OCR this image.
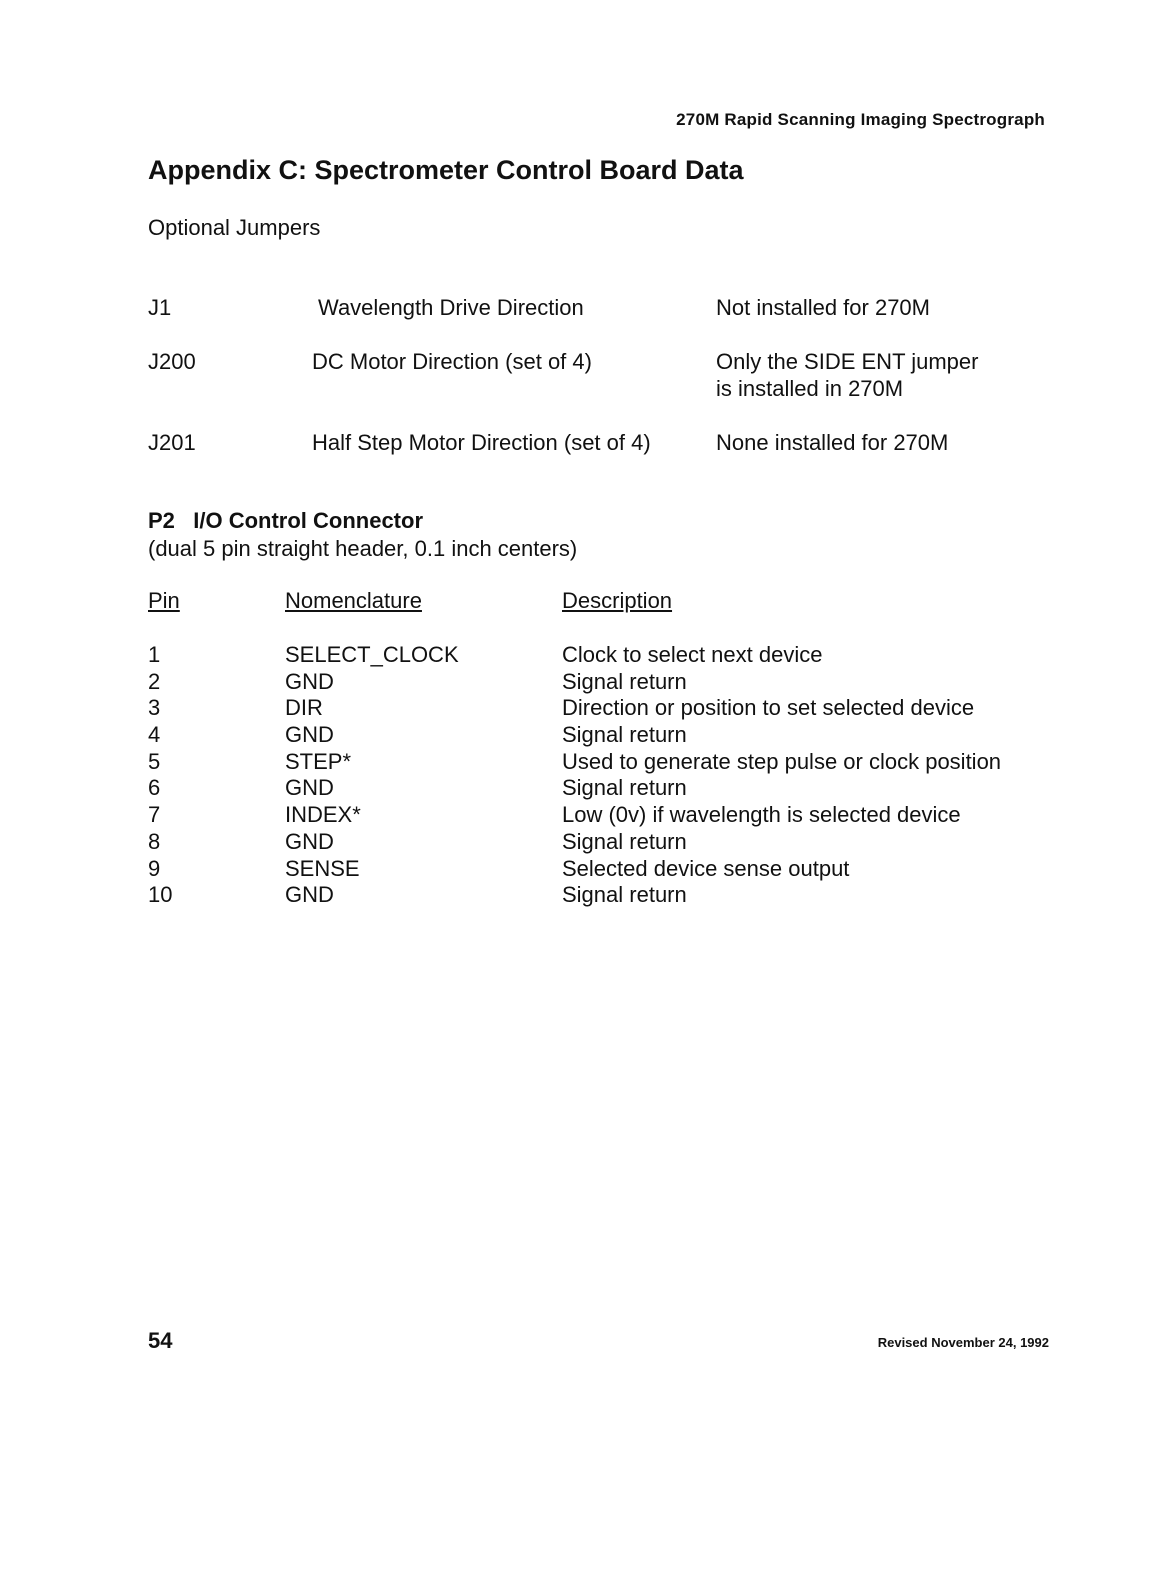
270M Rapid Scanning Imaging Spectrograph
Appendix C: Spectrometer Control Board Data
Optional Jumpers
J1	Wavelength Drive Direction	Not installed for 270M
J200	DC Motor Direction (set of 4)	Only the SIDE ENT jumper
is installed in 270M
J201	Half Step Motor Direction (set of 4)	None installed for 270M
P2   I/O Control Connector
(dual 5 pin straight header, 0.1 inch centers)
Pin	Nomenclature	Description
1	SELECT_CLOCK	Clock to select next device
2	GND	Signal return
3	DIR	Direction or position to set selected device
4	GND	Signal return
5	STEP*	Used to generate step pulse or clock position
6	GND	Signal return
7	INDEX*	Low (0v) if wavelength is selected device
8	GND	Signal return
9	SENSE	Selected device sense output
10	GND	Signal return
54	Revised November 24, 1992
